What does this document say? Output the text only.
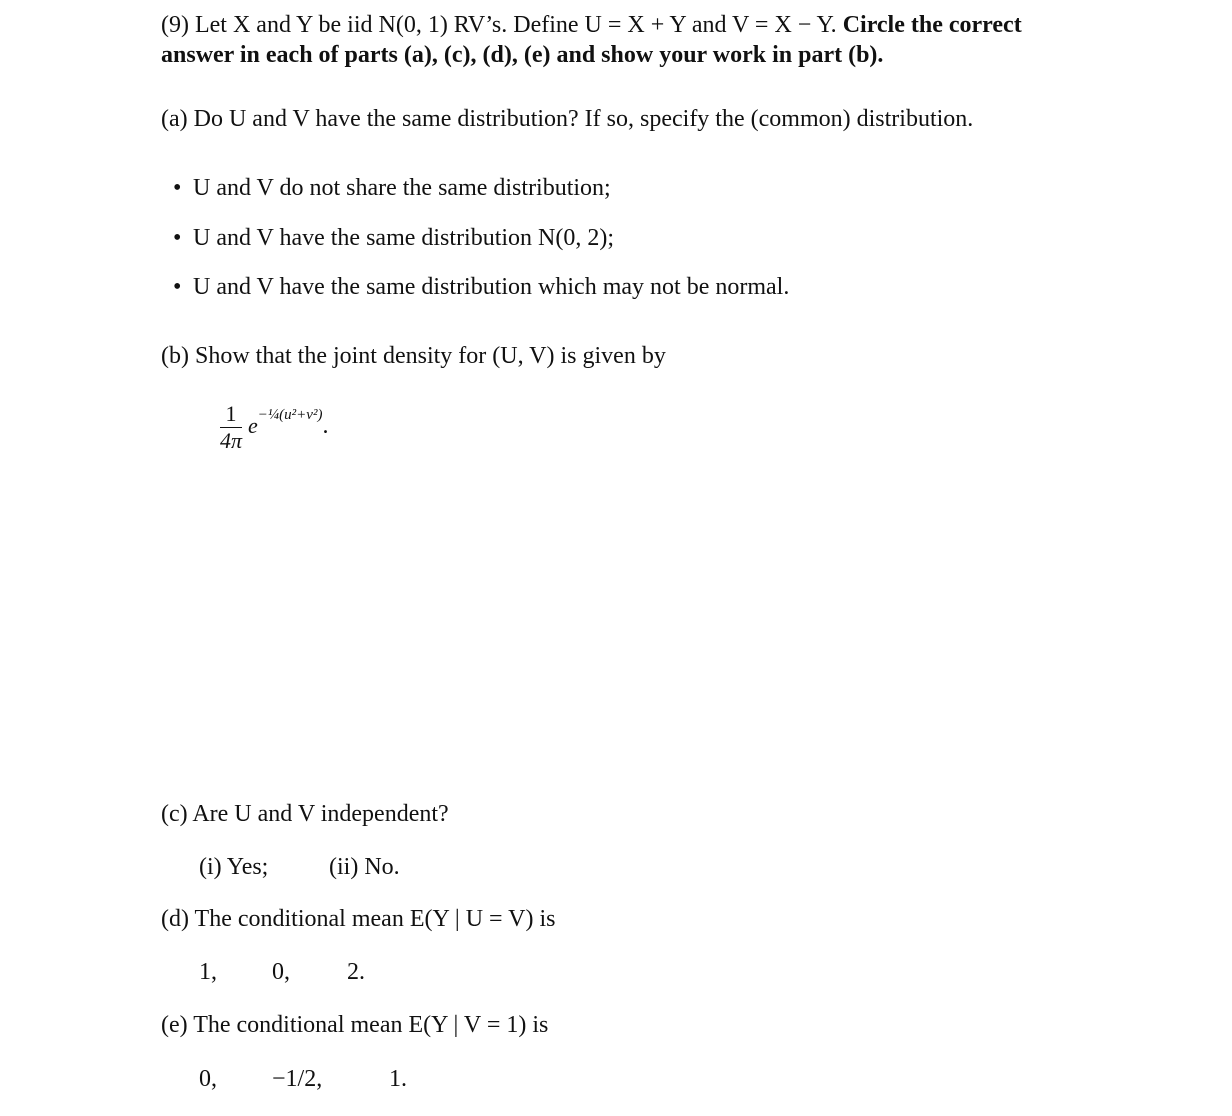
(9) Let X and Y be iid N(0, 1) RV’s. Define U = X + Y and V = X − Y. Circle the correct
answer in each of parts (a), (c), (d), (e) and show your work in part (b).
(a) Do U and V have the same distribution? If so, specify the (common) distribution.
• U and V do not share the same distribution;
• U and V have the same distribution N(0, 2);
• U and V have the same distribution which may not be normal.
(b) Show that the joint density for (U, V) is given by
$\frac{1}{4\pi} e^{-\frac{1}{4}(u^2+v^2)}$.
(c) Are U and V independent?
(i) Yes;	(ii) No.
(d) The conditional mean E(Y | U = V) is
1, 0, 2.
(e) The conditional mean E(Y | V = 1) is
0, −1/2,	1.
